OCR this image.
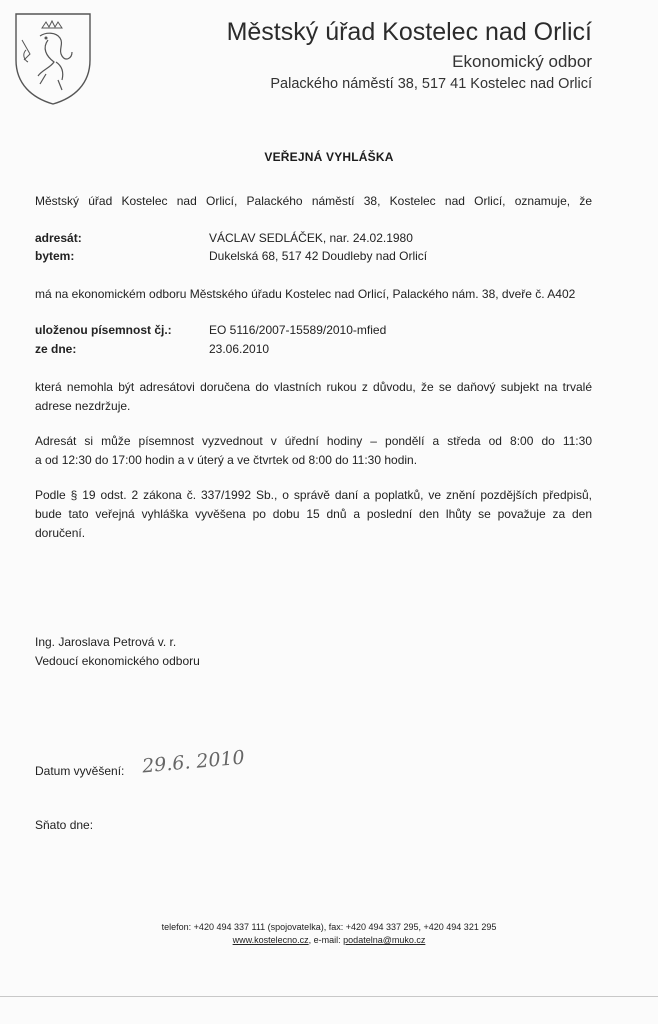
Městský úřad Kostelec nad Orlicí
Ekonomický odbor
Palackého náměstí 38, 517 41 Kostelec nad Orlicí
VEŘEJNÁ VYHLÁŠKA
Městský úřad Kostelec nad Orlicí, Palackého náměstí 38, Kostelec nad Orlicí, oznamuje, že
adresát:	VÁCLAV SEDLÁČEK, nar. 24.02.1980
bytem:	Dukelská 68, 517 42 Doudleby nad Orlicí
má na ekonomickém odboru Městského úřadu Kostelec nad Orlicí, Palackého nám. 38, dveře č. A402
uloženou písemnost čj.:	EO 5116/2007-15589/2010-mfied
ze dne:	23.06.2010
která nemohla být adresátovi doručena do vlastních rukou z důvodu, že se daňový subjekt na trvalé
adrese nezdržuje.
Adresát si může písemnost vyzvednout v úřední hodiny – pondělí a středa od 8:00 do 11:30
a od 12:30 do 17:00 hodin a v úterý a ve čtvrtek od 8:00 do 11:30 hodin.
Podle § 19 odst. 2 zákona č. 337/1992 Sb., o správě daní a poplatků, ve znění pozdějších předpisů,
bude tato veřejná vyhláška vyvěšena po dobu 15 dnů a poslední den lhůty se považuje za den
doručení.
Ing. Jaroslava Petrová v. r.
Vedoucí ekonomického odboru
Datum vyvěšení: 29.6. 2010
Sňato dne:
telefon: +420 494 337 111 (spojovatelka), fax: +420 494 337 295, +420 494 321 295
www.kostelecno.cz, e-mail: podatelna@muko.cz
